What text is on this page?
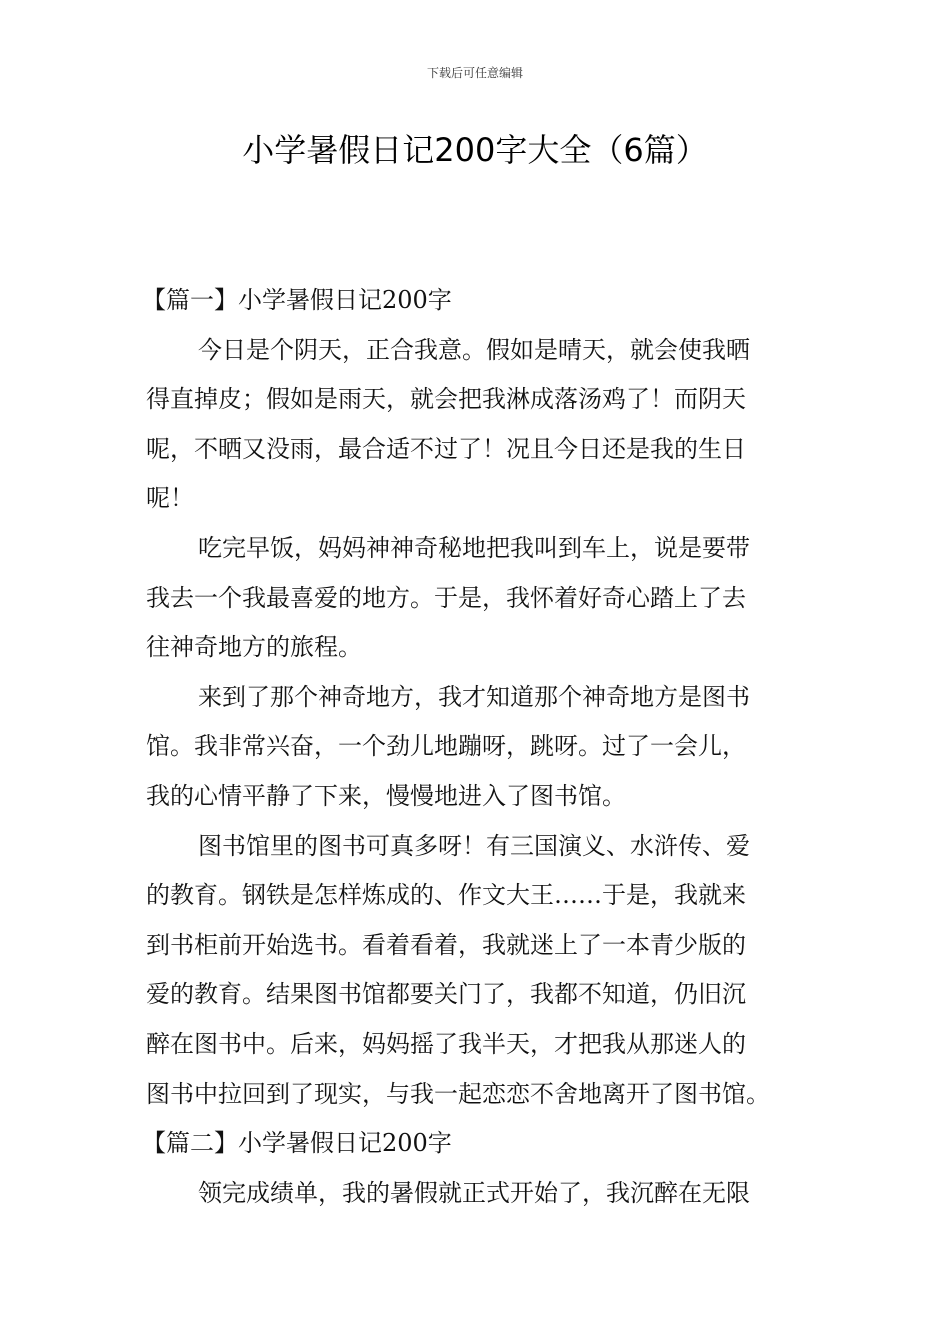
下载后可任意编辑
小学暑假日记200字大全（6篇）
【篇一】小学暑假日记200字
今日是个阴天，正合我意。假如是晴天，就会使我晒
得直掉皮；假如是雨天，就会把我淋成落汤鸡了！而阴天
呢，不晒又没雨，最合适不过了！况且今日还是我的生日
呢！
吃完早饭，妈妈神神奇秘地把我叫到车上，说是要带
我去一个我最喜爱的地方。于是，我怀着好奇心踏上了去
往神奇地方的旅程。
来到了那个神奇地方，我才知道那个神奇地方是图书
馆。我非常兴奋，一个劲儿地蹦呀，跳呀。过了一会儿，
我的心情平静了下来，慢慢地进入了图书馆。
图书馆里的图书可真多呀！有三国演义、水浒传、爱
的教育。钢铁是怎样炼成的、作文大王……于是，我就来
到书柜前开始选书。看着看着，我就迷上了一本青少版的
爱的教育。结果图书馆都要关门了，我都不知道，仍旧沉
醉在图书中。后来，妈妈摇了我半天，才把我从那迷人的
图书中拉回到了现实，与我一起恋恋不舍地离开了图书馆。
【篇二】小学暑假日记200字
领完成绩单，我的暑假就正式开始了，我沉醉在无限
